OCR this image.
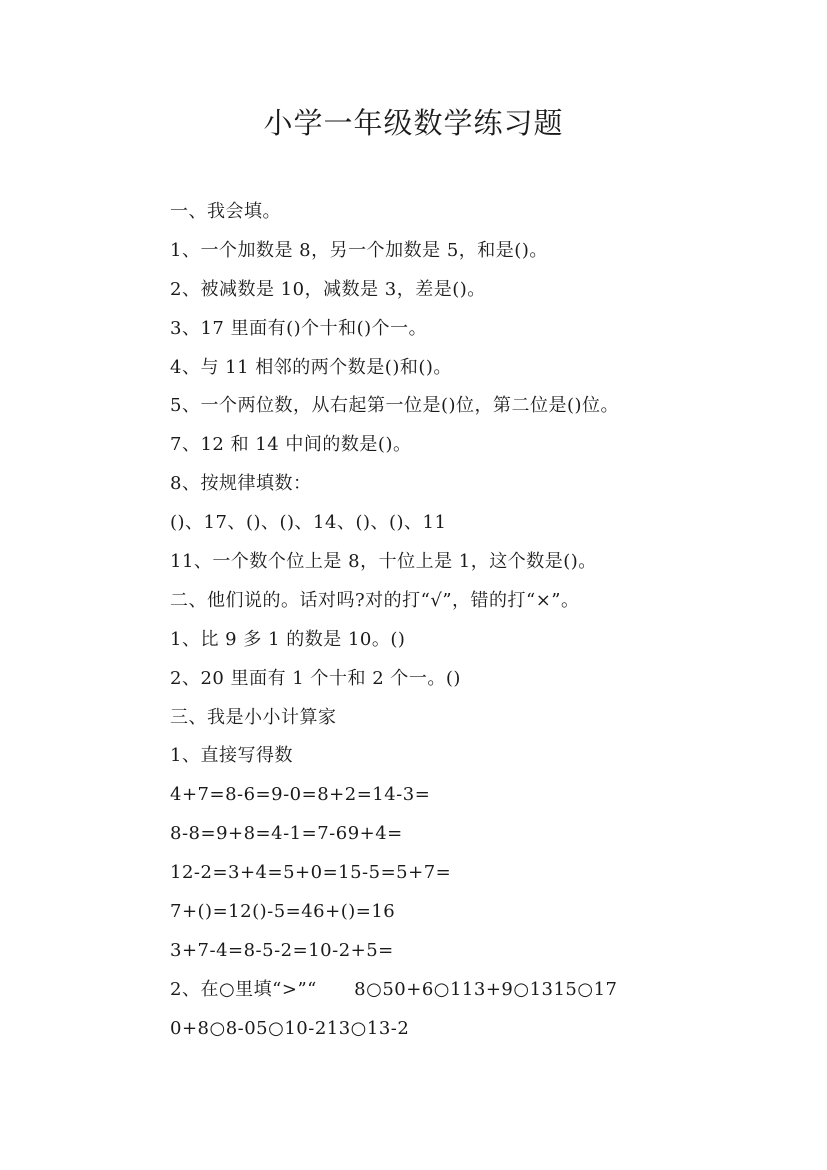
小学一年级数学练习题
一、我会填。
1、一个加数是 8，另一个加数是 5，和是()。
2、被减数是 10，减数是 3，差是()。
3、17 里面有()个十和()个一。
4、与 11 相邻的两个数是()和()。
5、一个两位数，从右起第一位是()位，第二位是()位。
7、12 和 14 中间的数是()。
8、按规律填数：
()、17、()、()、14、()、()、11
11、一个数个位上是 8，十位上是 1，这个数是()。
二、他们说的。话对吗?对的打“√”，错的打“×”。
1、比 9 多 1 的数是 10。()
2、20 里面有 1 个十和 2 个一。()
三、我是小小计算家
1、直接写得数
4+7=8-6=9-0=8+2=14-3=
8-8=9+8=4-1=7-69+4=
12-2=3+4=5+0=15-5=5+7=
7+()=12()-5=46+()=16
3+7-4=8-5-2=10-2+5=
2、在○里填“>”“      8○50+6○113+9○1315○17
0+8○8-05○10-213○13-2
